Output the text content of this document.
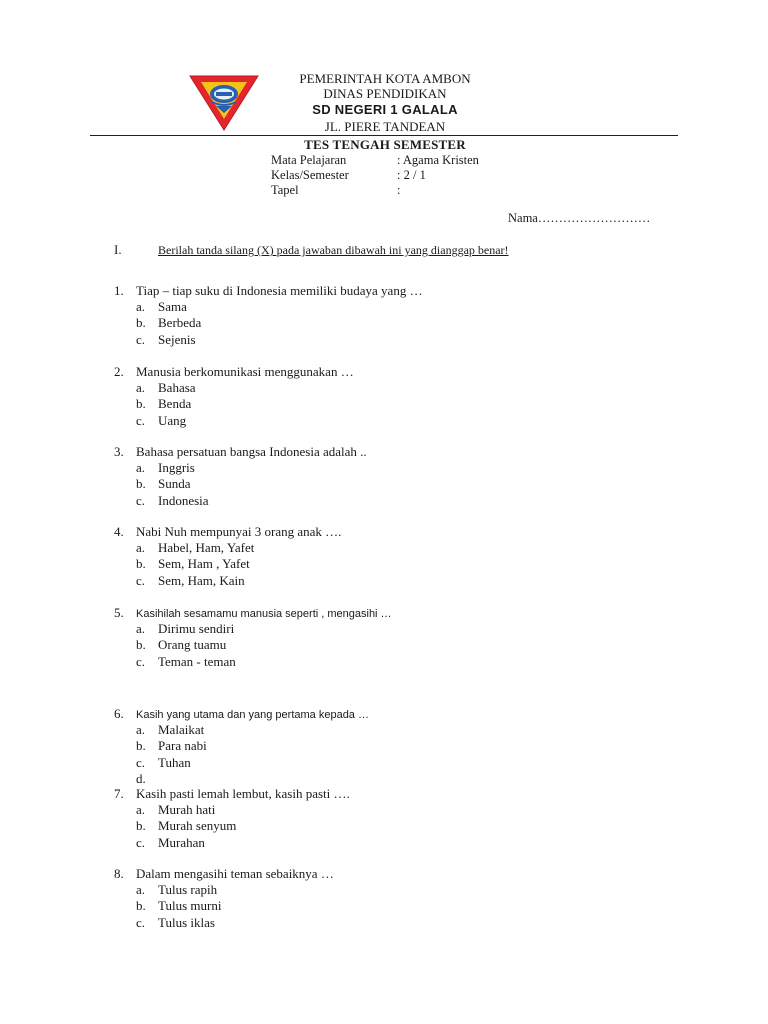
PEMERINTAH KOTA AMBON
DINAS PENDIDIKAN
SD NEGERI 1 GALALA
JL. PIERE TANDEAN
TES TENGAH SEMESTER
Mata Pelajaran	: Agama Kristen
Kelas/Semester	: 2 / 1
Tapel	:
Nama………………………
I.	Berilah tanda silang (X) pada jawaban dibawah ini yang dianggap benar!
1. Tiap – tiap suku di Indonesia memiliki budaya yang …
a. Sama
b. Berbeda
c. Sejenis
2. Manusia berkomunikasi menggunakan …
a. Bahasa
b. Benda
c. Uang
3. Bahasa persatuan bangsa Indonesia adalah ..
a. Inggris
b. Sunda
c. Indonesia
4. Nabi Nuh mempunyai 3 orang anak ….
a. Habel, Ham, Yafet
b. Sem, Ham , Yafet
c. Sem, Ham, Kain
5. Kasihilah sesamamu manusia seperti , mengasihi …
a. Dirimu sendiri
b. Orang tuamu
c. Teman - teman
6. Kasih yang utama dan yang pertama kepada …
a. Malaikat
b. Para nabi
c. Tuhan
d.
7. Kasih pasti lemah lembut, kasih pasti ….
a. Murah hati
b. Murah senyum
c. Murahan
8. Dalam mengasihi teman sebaiknya …
a. Tulus rapih
b. Tulus murni
c. Tulus iklas
